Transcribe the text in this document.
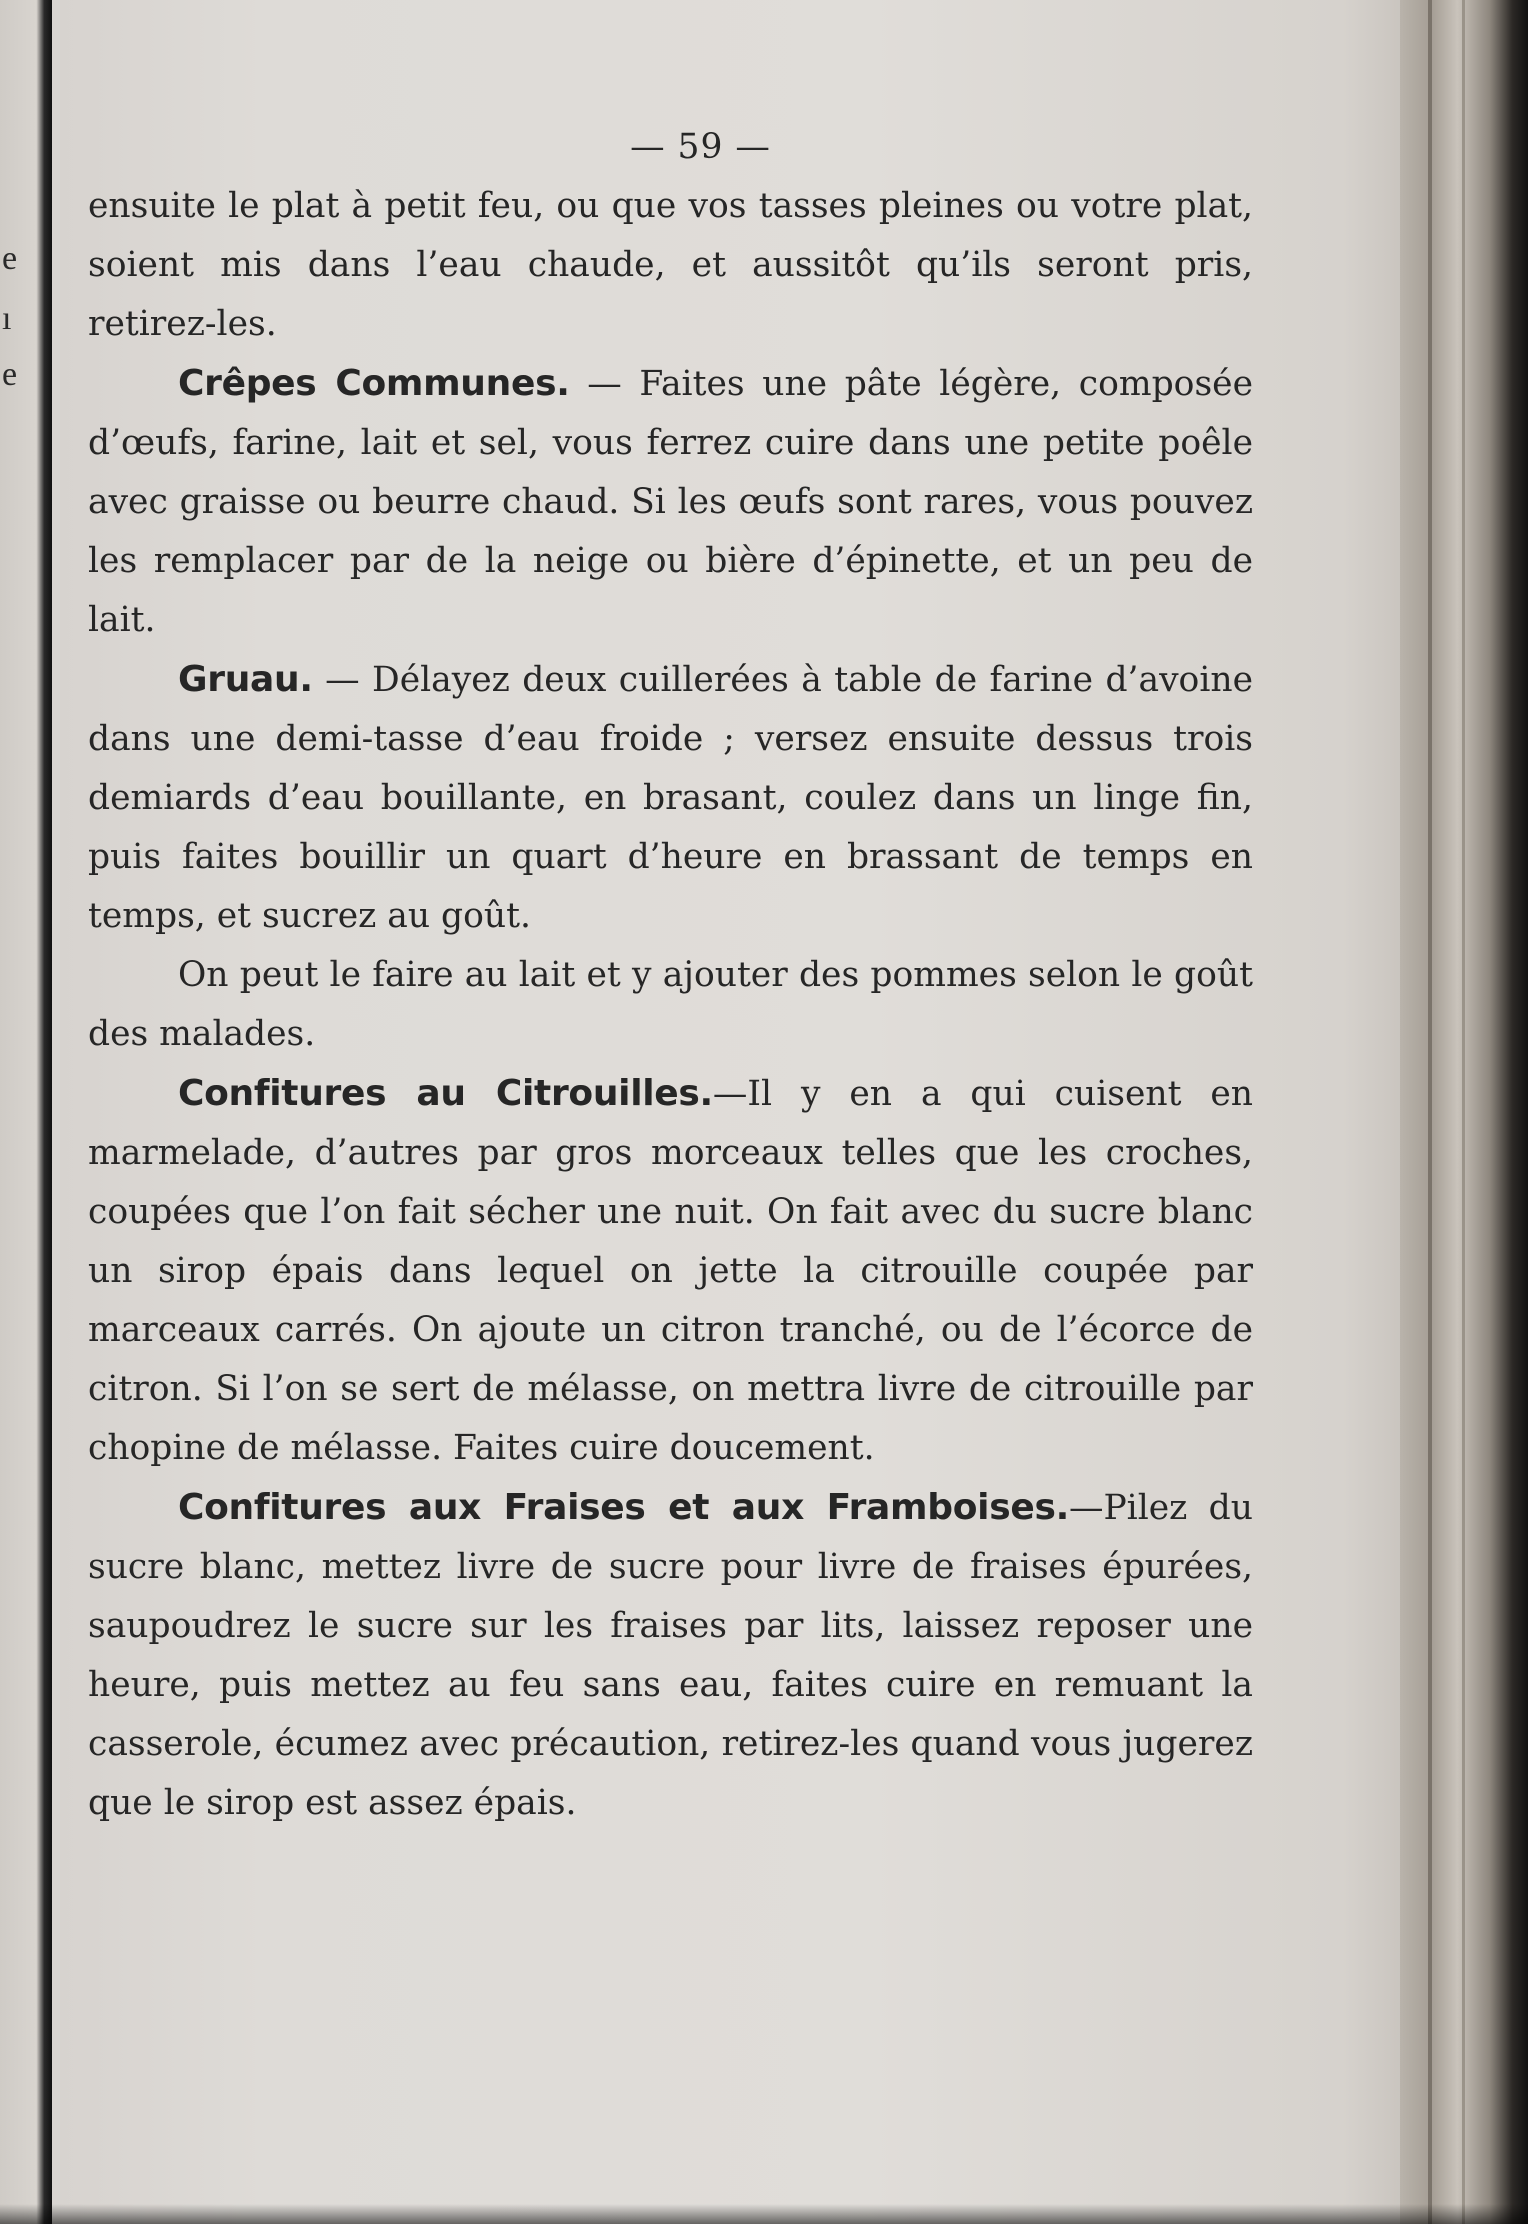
e
ı
e
— 59 —

ensuite le plat à petit feu, ou que vos tasses pleines ou votre plat, soient mis dans l’eau chaude, et aussitôt qu’ils seront pris, retirez-les.

Crêpes Communes. — Faites une pâte légère, composée d’œufs, farine, lait et sel, vous ferrez cuire dans une petite poêle avec graisse ou beurre chaud. Si les œufs sont rares, vous pouvez les remplacer par de la neige ou bière d’épinette, et un peu de lait.

Gruau. — Délayez deux cuillerées à table de farine d’avoine dans une demi-tasse d’eau froide ; versez ensuite dessus trois demiards d’eau bouillante, en brasant, coulez dans un linge fin, puis faites bouillir un quart d’heure en brassant de temps en temps, et sucrez au goût.

On peut le faire au lait et y ajouter des pommes selon le goût des malades.

Confitures au Citrouilles.—Il y en a qui cuisent en marmelade, d’autres par gros morceaux telles que les croches, coupées que l’on fait sécher une nuit. On fait avec du sucre blanc un sirop épais dans lequel on jette la citrouille coupée par marceaux carrés. On ajoute un citron tranché, ou de l’écorce de citron. Si l’on se sert de mélasse, on mettra livre de citrouille par chopine de mélasse. Faites cuire doucement.

Confitures aux Fraises et aux Framboises.—Pilez du sucre blanc, mettez livre de sucre pour livre de fraises épurées, saupoudrez le sucre sur les fraises par lits, laissez reposer une heure, puis mettez au feu sans eau, faites cuire en remuant la casserole, écumez avec précaution, retirez-les quand vous jugerez que le sirop est assez épais.
